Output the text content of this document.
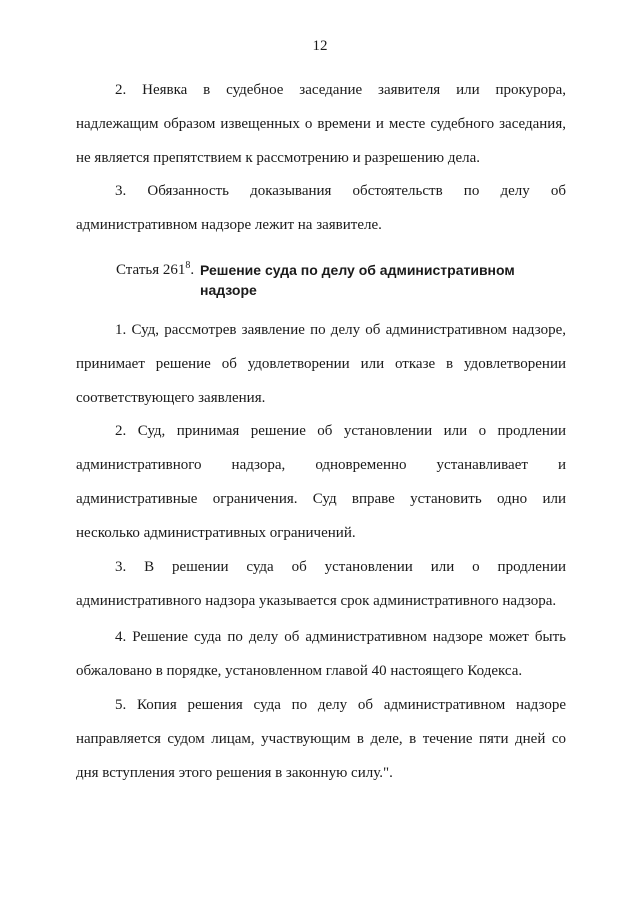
12
2. Неявка в судебное заседание заявителя или прокурора,
надлежащим образом извещенных о времени и месте судебного заседания,
не является препятствием к рассмотрению и разрешению дела.
3. Обязанность доказывания обстоятельств по делу об
административном надзоре лежит на заявителе.
Статья $261^8$. Решение суда по делу об административном надзоре
1. Суд, рассмотрев заявление по делу об административном надзоре,
принимает решение об удовлетворении или отказе в удовлетворении
соответствующего заявления.
2. Суд, принимая решение об установлении или о продлении
административного надзора, одновременно устанавливает и
административные ограничения. Суд вправе установить одно или
несколько административных ограничений.
3. В решении суда об установлении или о продлении
административного надзора указывается срок административного надзора.
4. Решение суда по делу об административном надзоре может быть
обжаловано в порядке, установленном главой 40 настоящего Кодекса.
5. Копия решения суда по делу об административном надзоре
направляется судом лицам, участвующим в деле, в течение пяти дней со
дня вступления этого решения в законную силу.".
